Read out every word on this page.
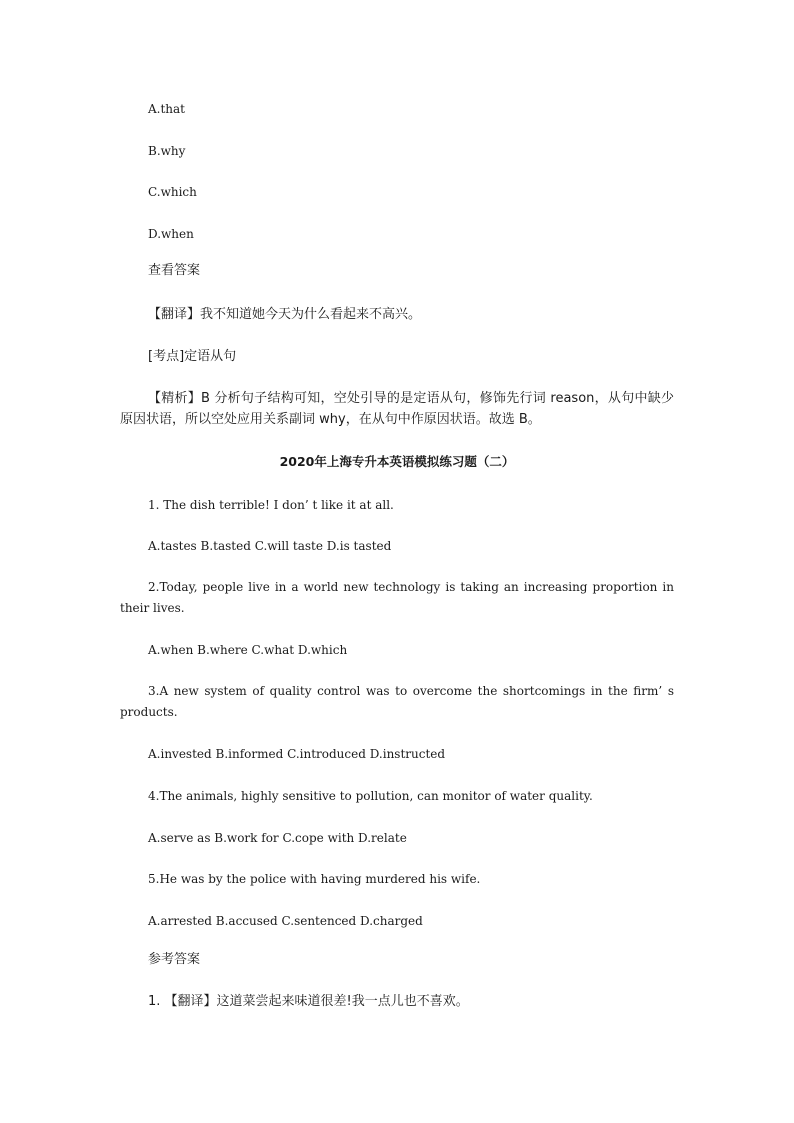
A.that
B.why
C.which
D.when
查看答案
【翻译】我不知道她今天为什么看起来不高兴。
[考点]定语从句
【精析】B 分析句子结构可知，空处引导的是定语从句，修饰先行词 reason，从句中缺少原因状语，所以空处应用关系副词 why，在从句中作原因状语。故选 B。
2020年上海专升本英语模拟练习题（二）
1. The dish terrible! I don’ t like it at all.
A.tastes B.tasted C.will taste D.is tasted
2.Today, people live in a world new technology is taking an increasing proportion in their lives.
A.when B.where C.what D.which
3.A new system of quality control was to overcome the shortcomings in the firm’ s products.
A.invested B.informed C.introduced D.instructed
4.The animals, highly sensitive to pollution, can monitor of water quality.
A.serve as B.work for C.cope with D.relate
5.He was by the police with having murdered his wife.
A.arrested B.accused C.sentenced D.charged
参考答案
1. 【翻译】这道菜尝起来味道很差!我一点儿也不喜欢。
